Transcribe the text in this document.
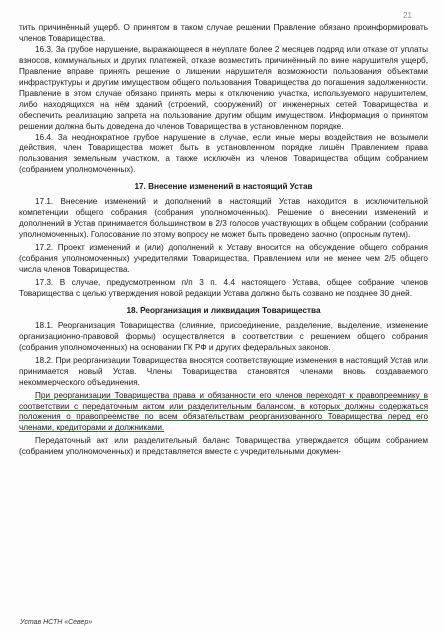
21

тить причинённый ущерб. О принятом в таком случае решении Правление обязано проинформировать членов Товарищества.

16.3. За грубое нарушение, выражающееся в неуплате более 2 месяцев подряд или отказе от уплаты взносов, коммунальных и других платежей, отказе возместить причинённый по вине нарушителя ущерб, Правление вправе принять решение о лишении нарушителя возможности пользования объектами инфраструктуры и другим имуществом общего пользования Товарищества до погашения задолженности. Правление в этом случае обязано принять меры к отключению участка, используемого нарушителем, либо находящихся на нём зданий (строений, сооружений) от инженерных сетей Товарищества и обеспечить реализацию запрета на пользование другим общим имуществом. Информация о принятом решении должна быть доведена до членов Товарищества в установленном порядке.

16.4. За неоднократное грубое нарушение в случае, если иные меры воздействия не возымели действия, член Товарищества может быть в установленном порядке лишён Правлением права пользования земельным участком, а также исключён из членов Товарищества общим собранием (собранием уполномоченных).

17. Внесение изменений в настоящий Устав

17.1. Внесение изменений и дополнений в настоящий Устав находится в исключительной компетенции общего собрания (собрания уполномоченных). Решение о внесении изменений и дополнений в Устав принимается большинством в 2/3 голосов участвующих в общем собрании (собрании уполномоченных). Голосование по этому вопросу не может быть проведено заочно (опросным путем).

17.2. Проект изменений и (или) дополнений к Уставу вносится на обсуждение общего собрания (собрания уполномоченных) учредителями Товарищества, Правлением или не менее чем 2/5 общего числа членов Товарищества.

17.3. В случае, предусмотренном п/п 3 п. 4.4 настоящего Устава, общее собрание членов Товарищества с целью утверждения новой редакции Устава должно быть созвано не позднее 30 дней.

18. Реорганизация и ликвидация Товарищества

18.1. Реорганизация Товарищества (слияние, присоединение, разделение, выделение, изменение организационно-правовой формы) осуществляется в соответствии с решением общего собрания (собрания уполномоченных) на основании ГК РФ и других федеральных законов.

18.2. При реорганизации Товарищества вносятся соответствующие изменения в настоящий Устав или принимается новый Устав. Члены Товарищества становятся членами вновь создаваемого некоммерческого объединения.

При реорганизации Товарищества права и обязанности его членов переходят к правопреемнику в соответствии с передаточным актом или разделительным балансом, в которых должны содержаться положения о правопреемстве по всем обязательствам реорганизованного Товарищества перед его членами, кредиторами и должниками.

Передаточный акт или разделительный баланс Товарищества утверждается общим собранием (собранием уполномоченных) и представляется вместе с учредительными докумен-

Устав НСТН «Север»
